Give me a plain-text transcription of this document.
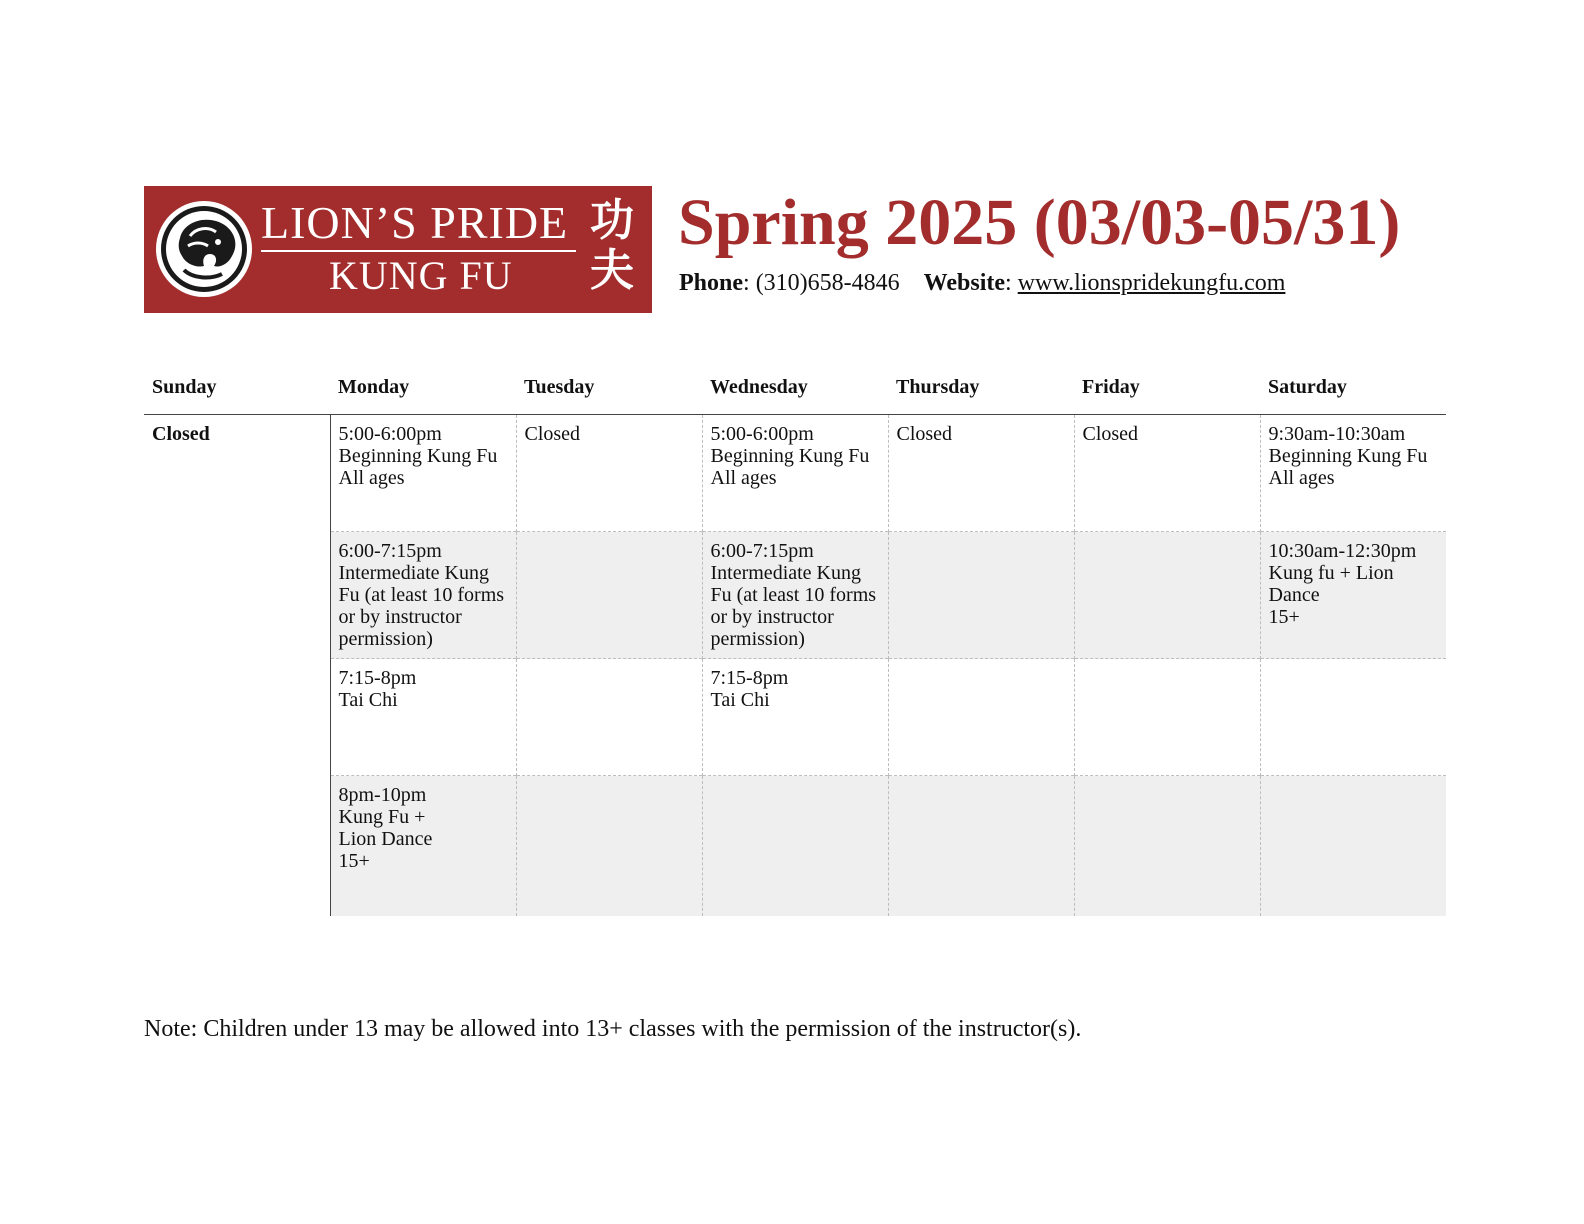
LION’S PRIDE
KUNG FU
功
夫
Spring 2025 (03/03-05/31)
Phone: (310)658-4846 Website: www.lionspridekungfu.com
Sunday	Monday	Tuesday	Wednesday	Thursday	Friday	Saturday

Closed	5:00-6:00pm
Beginning Kung Fu
All ages	Closed	5:00-6:00pm
Beginning Kung Fu
All ages	Closed	Closed	9:30am-10:30am
Beginning Kung Fu
All ages

	6:00-7:15pm
Intermediate Kung
Fu (at least 10 forms
or by instructor
permission)		6:00-7:15pm
Intermediate Kung
Fu (at least 10 forms
or by instructor
permission)			10:30am-12:30pm
Kung fu + Lion
Dance
15+

	7:15-8pm
Tai Chi		7:15-8pm
Tai Chi			

	8pm-10pm
Kung Fu +
Lion Dance
15+					

Note: Children under 13 may be allowed into 13+ classes with the permission of the instructor(s).
